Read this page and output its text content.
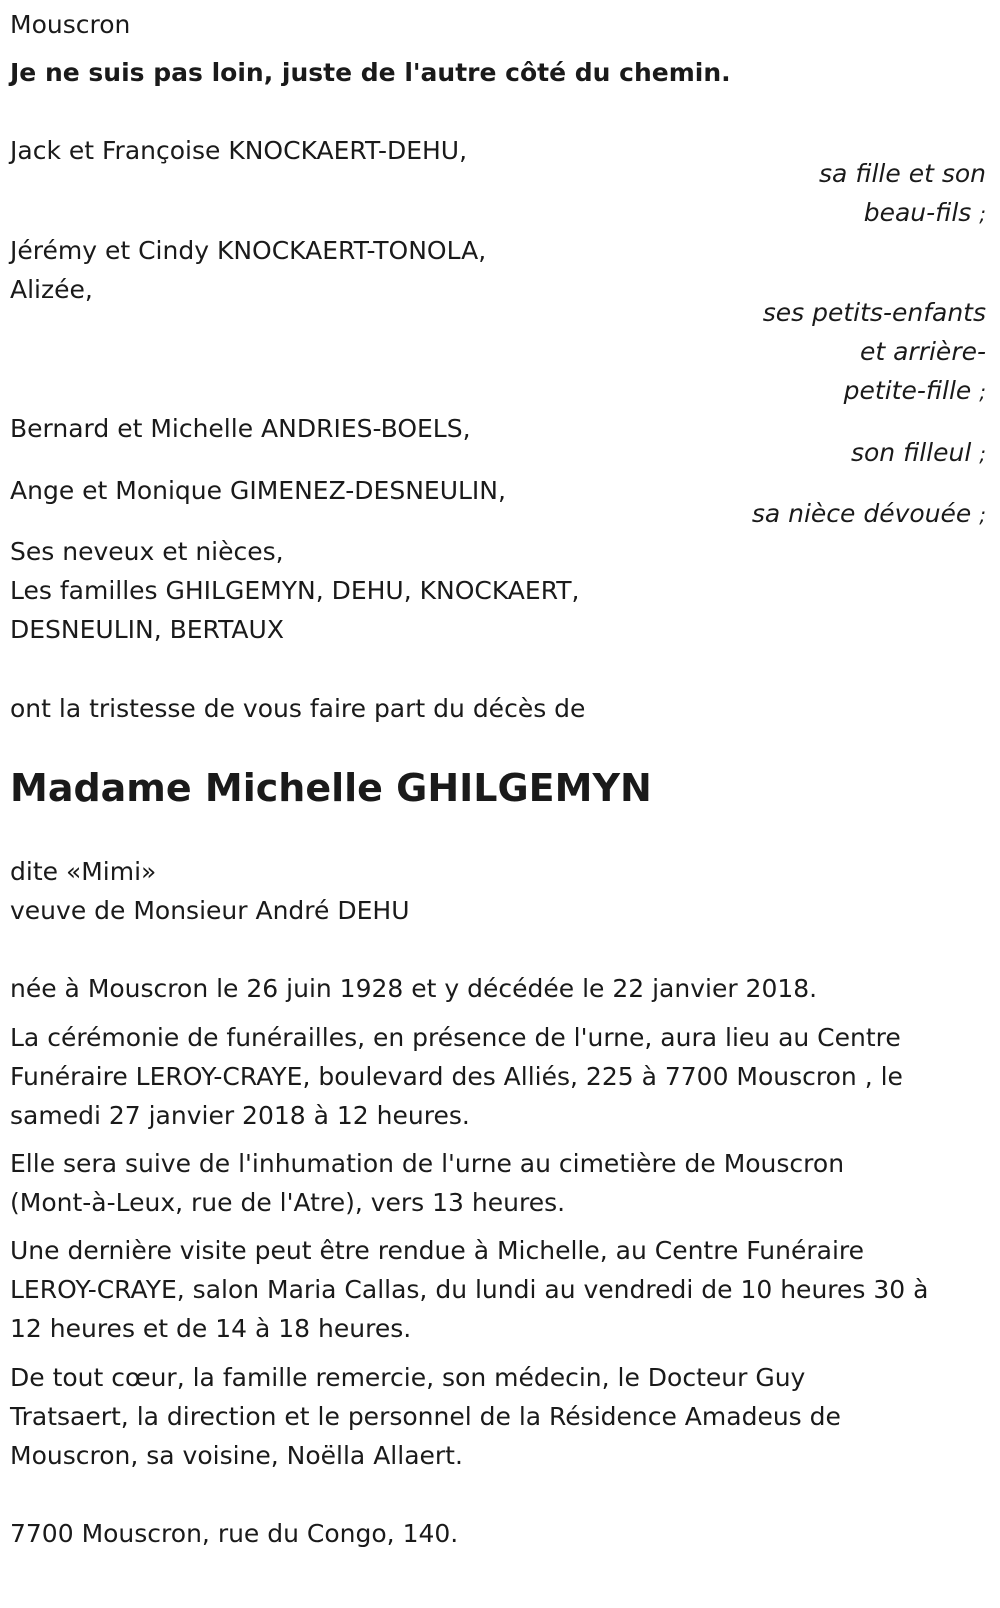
Mouscron
Je ne suis pas loin, juste de l'autre côté du chemin.
Jack et Françoise KNOCKAERT-DEHU,
sa fille et son
beau-fils ;
Jérémy et Cindy KNOCKAERT-TONOLA,
Alizée,
ses petits-enfants
et arrière-
petite-fille ;
Bernard et Michelle ANDRIES-BOELS,
son filleul ;
Ange et Monique GIMENEZ-DESNEULIN,
sa nièce dévouée ;
Ses neveux et nièces,
Les familles GHILGEMYN, DEHU, KNOCKAERT,
DESNEULIN, BERTAUX
ont la tristesse de vous faire part du décès de
Madame Michelle GHILGEMYN
dite «Mimi»
veuve de Monsieur André DEHU
née à Mouscron le 26 juin 1928 et y décédée le 22 janvier 2018.
La cérémonie de funérailles, en présence de l'urne, aura lieu au Centre
Funéraire LEROY-CRAYE, boulevard des Alliés, 225 à 7700 Mouscron , le
samedi 27 janvier 2018 à 12 heures.
Elle sera suive de l'inhumation de l'urne au cimetière de Mouscron
(Mont-à-Leux, rue de l'Atre), vers 13 heures.
Une dernière visite peut être rendue à Michelle, au Centre Funéraire
LEROY-CRAYE, salon Maria Callas, du lundi au vendredi de 10 heures 30 à
12 heures et de 14 à 18 heures.
De tout cœur, la famille remercie, son médecin, le Docteur Guy
Tratsaert, la direction et le personnel de la Résidence Amadeus de
Mouscron, sa voisine, Noëlla Allaert.
7700 Mouscron, rue du Congo, 140.
